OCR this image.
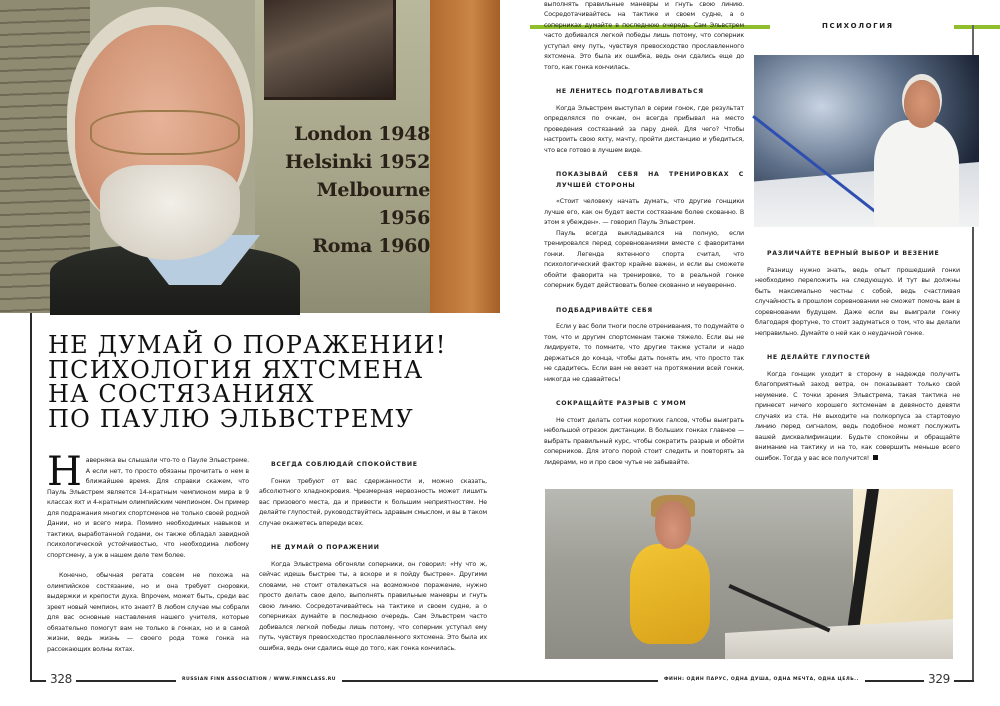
London 1948
Helsinki 1952
Melbourne 1956
Roma 1960
328	RUSSIAN FINN ASSOCIATION / WWW.FINNCLASS.RU
НЕ ДУМАЙ О ПОРАЖЕНИИ!
ПСИХОЛОГИЯ ЯХТСМЕНА
НА СОСТЯЗАНИЯХ
ПО ПАУЛЮ ЭЛЬВСТРЕМУ

Наверняка вы слышали что-то о Пауле Эльвстреме. А если нет, то просто обязаны прочитать о нем в ближайшее время. Для справки скажем, что Пауль Эльвстрем является 14-кратным чемпионом мира в 9 классах яхт и 4-кратным олимпийским чемпионом. Он пример для подражания многих спортсменов не только своей родной Дании, но и всего мира. Помимо необходимых навыков и тактики, выработанной годами, он также обладал завидной психологической устойчивостью, что необходима любому спортсмену, а уж в нашем деле тем более.

Конечно, обычная регата совсем не похожа на олимпийское состязание, но и она требует сноровки, выдержки и крепости духа. Впрочем, может быть, среди вас зреет новый чемпион, кто знает? В любом случае мы собрали для вас основные наставления нашего учителя, которые обязательно помогут вам не только в гонках, но и в самой жизни, ведь жизнь — своего рода тоже гонка на рассекающих волны яхтах.

ВСЕГДА СОБЛЮДАЙ СПОКОЙСТВИЕ

Гонки требуют от вас сдержанности и, можно сказать, абсолютного хладнокровия. Чрезмерная нервозность может лишить вас призового места, да и привести к большим неприятностям. Не делайте глупостей, руководствуйтесь здравым смыслом, и вы в таком случае окажетесь впереди всех.

НЕ ДУМАЙ О ПОРАЖЕНИИ

Когда Эльвстрема обгоняли соперники, он говорил: «Ну что ж, сейчас идешь быстрее ты, а вскоре и я пойду быстрее». Другими словами, не стоит отвлекаться на возможное поражение, нужно просто делать свое дело, выполнять правильные маневры и гнуть свою линию. Сосредотачивайтесь на тактике и своем судне, а о соперниках думайте в последнюю очередь. Сам Эльвстрем часто добивался легкой победы лишь потому, что соперник уступал ему путь, чувствуя превосходство прославленного яхтсмена. Это была их ошибка, ведь они сдались еще до того, как гонка кончилась.

329
ФИНН: ОДИН ПАРУС, ОДНА ДУША, ОДНА МЕЧТА, ОДНА ЦЕЛЬ..

выполнять правильные маневры и гнуть свою линию. Сосредотачивайтесь на тактике и своем судне, а о соперниках думайте в последнюю очередь. Сам Эльвстрем часто добивался легкой победы лишь потому, что соперник уступал ему путь, чувствуя превосходство прославленного яхтсмена. Это была их ошибка, ведь они сдались еще до того, как гонка кончилась.

НЕ ЛЕНИТЕСЬ ПОДГОТАВЛИВАТЬСЯ

Когда Эльвстрем выступал в серии гонок, где результат определялся по очкам, он всегда прибывал на место проведения состязаний за пару дней. Для чего? Чтобы настроить свою яхту, мачту, пройти дистанцию и убедиться, что все готово в лучшем виде.

ПОКАЗЫВАЙ СЕБЯ НА ТРЕНИРОВКАХ С ЛУЧШЕЙ СТОРОНЫ

«Стоит человеку начать думать, что другие гонщики лучше его, как он будет вести состязание более скованно. В этом я убежден». — говорил Пауль Эльвстрем.

Пауль всегда выкладывался на полную, если тренировался перед соревнованиями вместе с фаворитами гонки. Легенда яхтенного спорта считал, что психологический фактор крайне важен, и если вы сможете обойти фаворита на тренировке, то в реальной гонке соперник будет действовать более скованно и неуверенно.

ПОДБАДРИВАЙТЕ СЕБЯ

Если у вас боли тноги после отренивания, то подумайте о том, что и другим спортсменам также тяжело. Если вы не лидируете, то помните, что другие также устали и надо держаться до конца, чтобы дать понять им, что просто так не сдадитесь. Если вам не везет на протяжении всей гонки, никогда не сдавайтесь!

СОКРАЩАЙТЕ РАЗРЫВ С УМОМ

Не стоит делать сотни коротких галсов, чтобы выиграть небольшой отрезок дистанции. В больших гонках главное — выбрать правильный курс, чтобы сократить разрыв и обойти соперников. Для этого порой стоит следить и повторять за лидерами, но и про свое чутье не забывайте.

РАЗЛИЧАЙТЕ ВЕРНЫЙ ВЫБОР И ВЕЗЕНИЕ

Разницу нужно знать, ведь опыт прошедший гонки необходимо переложить на следующую. И тут вы должны быть максимально честны с собой, ведь счастливая случайность в прошлом соревновании не сможет помочь вам в соревновании будущем. Даже если вы выиграли гонку благодаря фортуне, то стоит задуматься о том, что вы делали неправильно. Думайте о ней как о неудачной гонке.

НЕ ДЕЛАЙТЕ ГЛУПОСТЕЙ

Когда гонщик уходит в сторону в надежде получить благоприятный заход ветра, он показывает только свой неумение. С точки зрения Эльвстрема, такая тактика не принесет ничего хорошего яхтсменам в девяносто девяти случаях из ста. Не выходите на полкорпуса за стартовую линию перед сигналом, ведь подобное может послужить вашей дисквалификации. Будьте спокойны и обращайте внимание на тактику и на то, как совершить меньше всего ошибок. Тогда у вас все получится!

ПСИХОЛОГИЯ
